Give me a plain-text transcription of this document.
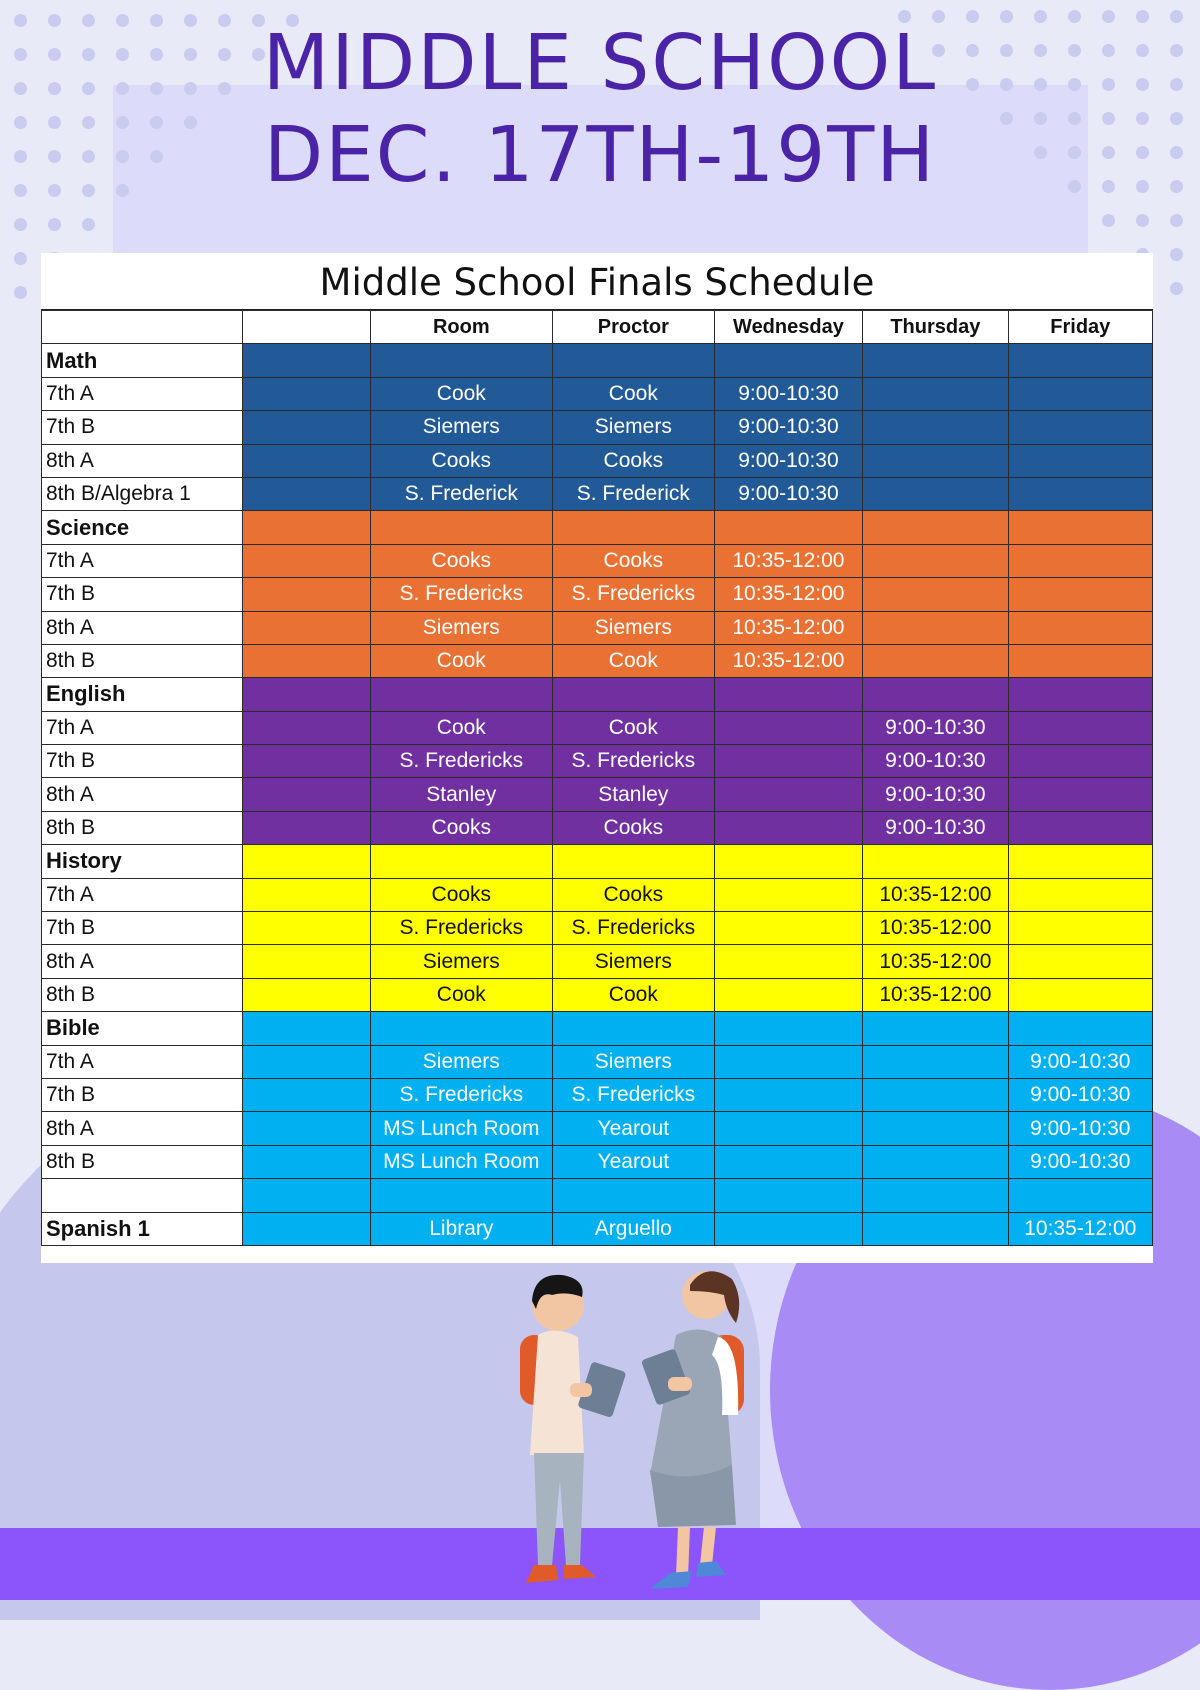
MIDDLE SCHOOL
DEC. 17TH-19TH
Middle School Finals Schedule
		Room	Proctor	Wednesday	Thursday	Friday
Math						
7th A		Cook	Cook	9:00-10:30		
7th B		Siemers	Siemers	9:00-10:30		
8th A		Cooks	Cooks	9:00-10:30		
8th B/Algebra 1		S. Frederick	S. Frederick	9:00-10:30		
Science						
7th A		Cooks	Cooks	10:35-12:00		
7th B		S. Fredericks	S. Fredericks	10:35-12:00		
8th A		Siemers	Siemers	10:35-12:00		
8th B		Cook	Cook	10:35-12:00		
English						
7th A		Cook	Cook		9:00-10:30	
7th B		S. Fredericks	S. Fredericks		9:00-10:30	
8th A		Stanley	Stanley		9:00-10:30	
8th B		Cooks	Cooks		9:00-10:30	
History						
7th A		Cooks	Cooks		10:35-12:00	
7th B		S. Fredericks	S. Fredericks		10:35-12:00	
8th A		Siemers	Siemers		10:35-12:00	
8th B		Cook	Cook		10:35-12:00	
Bible						
7th A		Siemers	Siemers			9:00-10:30
7th B		S. Fredericks	S. Fredericks			9:00-10:30
8th A		MS Lunch Room	Yearout			9:00-10:30
8th B		MS Lunch Room	Yearout			9:00-10:30

Spanish 1		Library	Arguello			10:35-12:00
